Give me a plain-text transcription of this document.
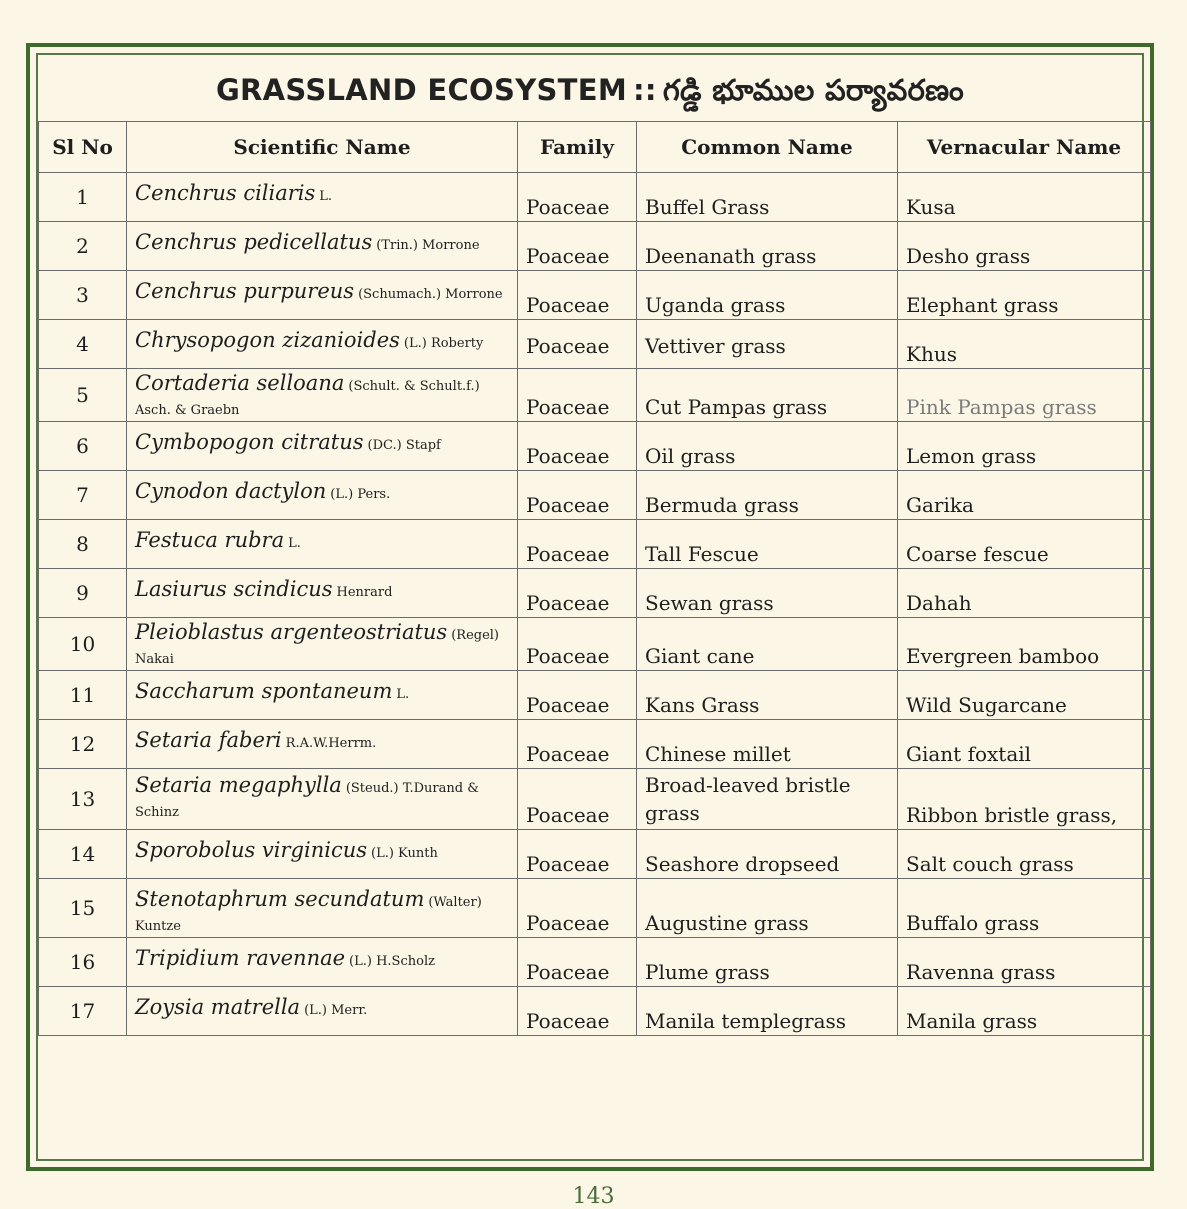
GRASSLAND ECOSYSTEM :: గడ్డి భూముల పర్యావరణం
Sl No	Scientific Name	Family	Common Name	Vernacular Name
1	Cenchrus ciliaris L.	Poaceae	Buffel Grass	Kusa
2	Cenchrus pedicellatus (Trin.) Morrone	Poaceae	Deenanath grass	Desho grass
3	Cenchrus purpureus (Schumach.) Morrone	Poaceae	Uganda grass	Elephant grass
4	Chrysopogon zizanioides (L.) Roberty	Poaceae	Vettiver grass	Khus
5	Cortaderia selloana (Schult. & Schult.f.) Asch. & Graebn	Poaceae	Cut Pampas grass	Pink Pampas grass
6	Cymbopogon citratus (DC.) Stapf	Poaceae	Oil grass	Lemon grass
7	Cynodon dactylon (L.) Pers.	Poaceae	Bermuda grass	Garika
8	Festuca rubra L.	Poaceae	Tall Fescue	Coarse fescue
9	Lasiurus scindicus Henrard	Poaceae	Sewan grass	Dahah
10	Pleioblastus argenteostriatus (Regel) Nakai	Poaceae	Giant cane	Evergreen bamboo
11	Saccharum spontaneum L.	Poaceae	Kans Grass	Wild Sugarcane
12	Setaria faberi R.A.W.Herrm.	Poaceae	Chinese millet	Giant foxtail
13	Setaria megaphylla (Steud.) T.Durand & Schinz	Poaceae	Broad-leaved bristle grass	Ribbon bristle grass,
14	Sporobolus virginicus (L.) Kunth	Poaceae	Seashore dropseed	Salt couch grass
15	Stenotaphrum secundatum (Walter) Kuntze	Poaceae	Augustine grass	Buffalo grass
16	Tripidium ravennae (L.) H.Scholz	Poaceae	Plume grass	Ravenna grass
17	Zoysia matrella (L.) Merr.	Poaceae	Manila templegrass	Manila grass
143
